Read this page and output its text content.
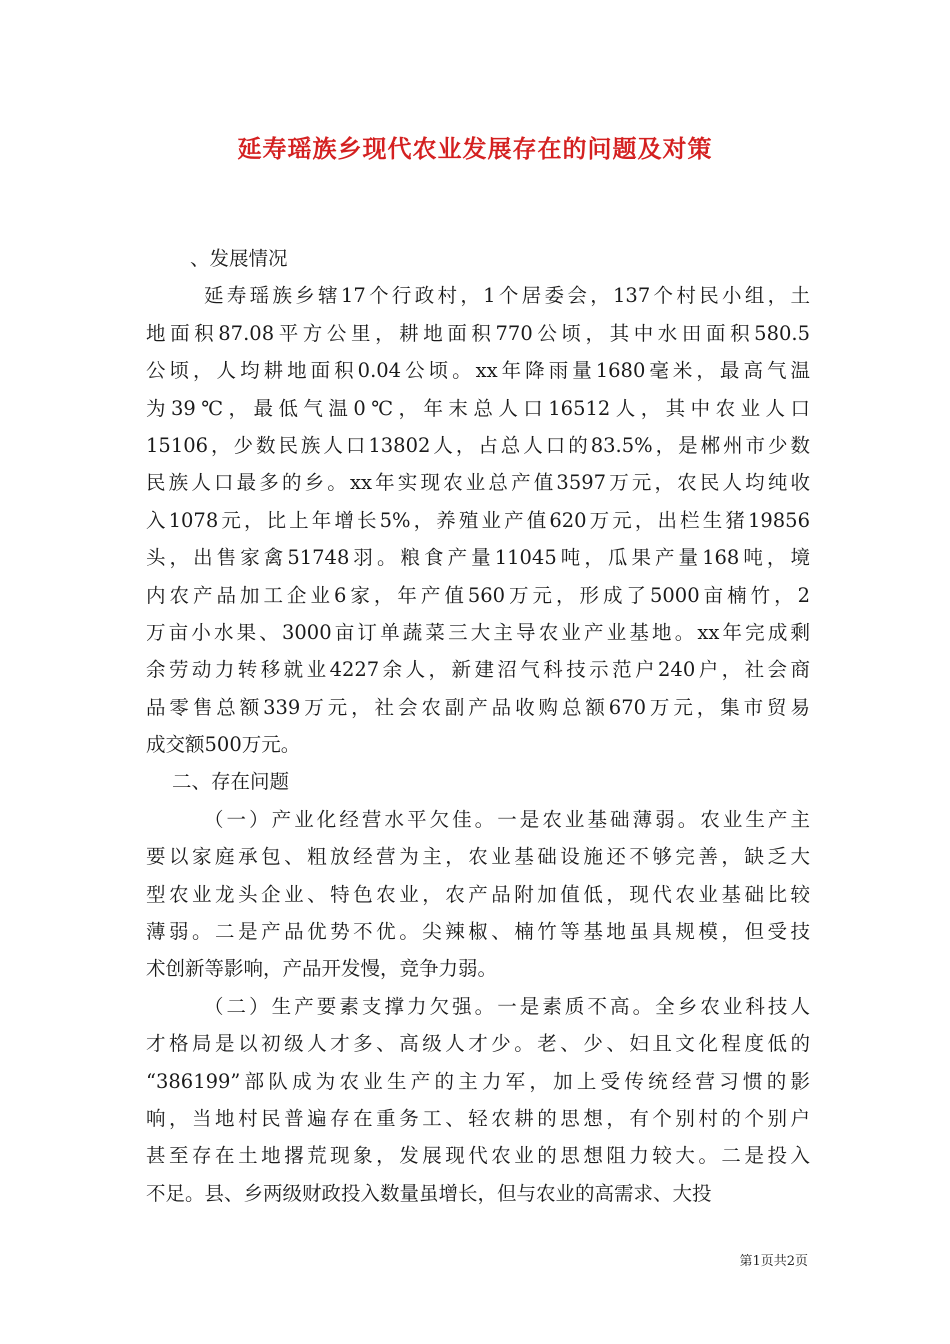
延寿瑶族乡现代农业发展存在的问题及对策
、发展情况
延寿瑶族乡辖17个行政村，1个居委会，137个村民小组，土
地面积87.08平方公里，耕地面积770公顷，其中水田面积580.5
公顷，人均耕地面积0.04公顷。xx年降雨量1680毫米，最高气温
为39℃，最低气温0℃，年末总人口16512人，其中农业人口
15106，少数民族人口13802人，占总人口的83.5%，是郴州市少数
民族人口最多的乡。xx年实现农业总产值3597万元，农民人均纯收
入1078元，比上年增长5%，养殖业产值620万元，出栏生猪19856
头，出售家禽51748羽。粮食产量11045吨，瓜果产量168吨，境
内农产品加工企业6家，年产值560万元，形成了5000亩楠竹，2
万亩小水果、3000亩订单蔬菜三大主导农业产业基地。xx年完成剩
余劳动力转移就业4227余人，新建沼气科技示范户240户，社会商
品零售总额339万元，社会农副产品收购总额670万元，集市贸易
成交额500万元。
二、存在问题
（一）产业化经营水平欠佳。一是农业基础薄弱。农业生产主
要以家庭承包、粗放经营为主，农业基础设施还不够完善，缺乏大
型农业龙头企业、特色农业，农产品附加值低，现代农业基础比较
薄弱。二是产品优势不优。尖辣椒、楠竹等基地虽具规模，但受技
术创新等影响，产品开发慢，竞争力弱。
（二）生产要素支撑力欠强。一是素质不高。全乡农业科技人
才格局是以初级人才多、高级人才少。老、少、妇且文化程度低的
“386199”部队成为农业生产的主力军，加上受传统经营习惯的影
响，当地村民普遍存在重务工、轻农耕的思想，有个别村的个别户
甚至存在土地撂荒现象，发展现代农业的思想阻力较大。二是投入
不足。县、乡两级财政投入数量虽增长，但与农业的高需求、大投
第1页共2页
